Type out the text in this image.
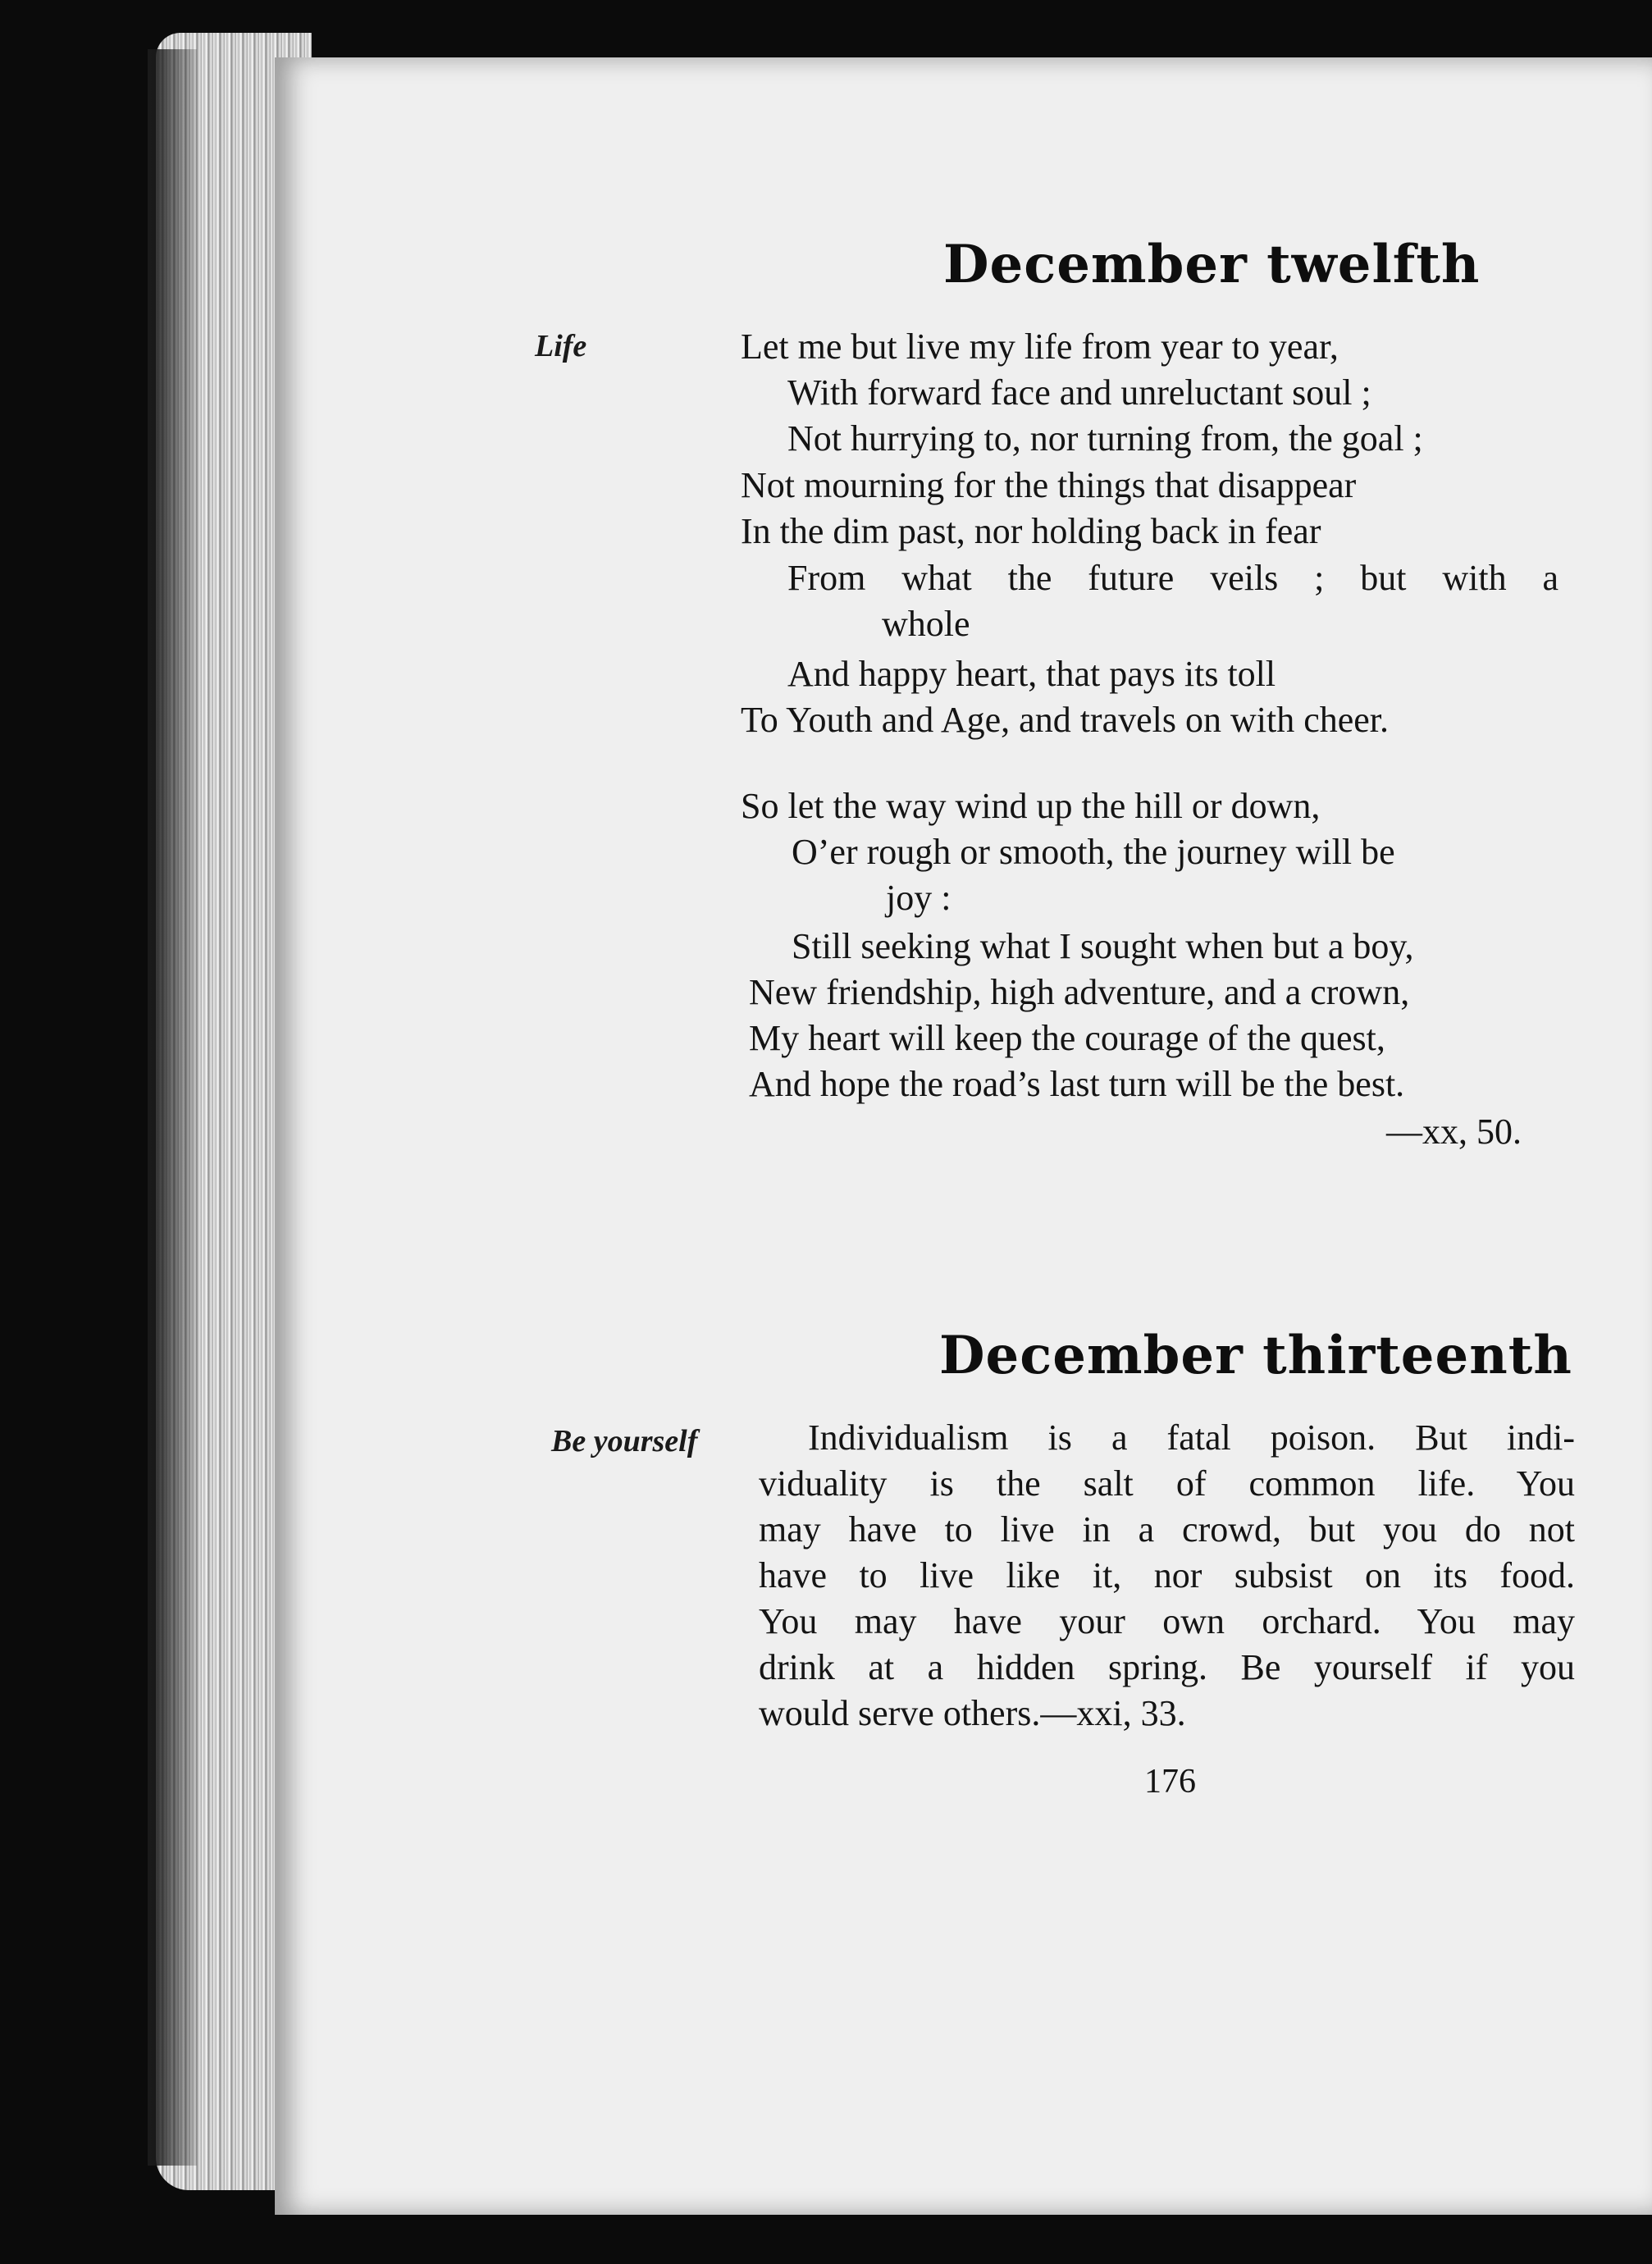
December twelfth
Life	Let me but live my life from year to year,
With forward face and unreluctant soul ;
Not hurrying to, nor turning from, the goal ;
Not mourning for the things that disappear
In the dim past, nor holding back in fear
From what the future veils ; but with a
whole
And happy heart, that pays its toll
To Youth and Age, and travels on with cheer.
So let the way wind up the hill or down,
O’er rough or smooth, the journey will be
joy :
Still seeking what I sought when but a boy,
New friendship, high adventure, and a crown,
My heart will keep the courage of the quest,
And hope the road’s last turn will be the best.
—xx, 50.
December thirteenth
Be yourself	Individualism is a fatal poison. But indi-
viduality is the salt of common life. You
may have to live in a crowd, but you do not
have to live like it, nor subsist on its food.
You may have your own orchard. You may
drink at a hidden spring. Be yourself if you
would serve others.—xxi, 33.
176
